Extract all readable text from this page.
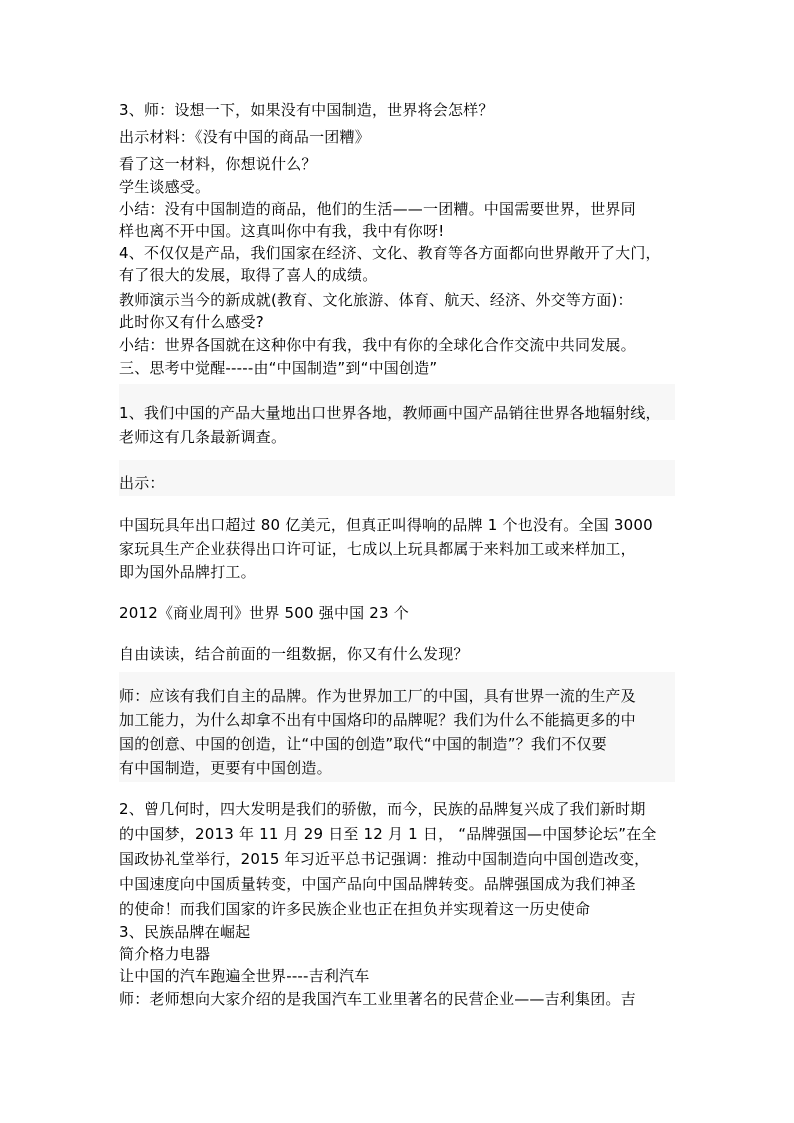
3、师：设想一下，如果没有中国制造，世界将会怎样？
出示材料：《没有中国的商品一团糟》
看了这一材料，你想说什么？
学生谈感受。
小结：没有中国制造的商品，他们的生活——一团糟。中国需要世界，世界同
样也离不开中国。这真叫你中有我，我中有你呀!
4、不仅仅是产品，我们国家在经济、文化、教育等各方面都向世界敞开了大门，
有了很大的发展，取得了喜人的成绩。
教师演示当今的新成就(教育、文化旅游、体育、航天、经济、外交等方面)：
此时你又有什么感受?
小结：世界各国就在这种你中有我，我中有你的全球化合作交流中共同发展。
三、思考中觉醒-----由“中国制造”到“中国创造”
1、我们中国的产品大量地出口世界各地，教师画中国产品销往世界各地辐射线，
老师这有几条最新调查。
出示：
中国玩具年出口超过 80 亿美元，但真正叫得响的品牌 1 个也没有。全国 3000
家玩具生产企业获得出口许可证，七成以上玩具都属于来料加工或来样加工，
即为国外品牌打工。
2012《商业周刊》世界 500 强中国 23 个
自由读读，结合前面的一组数据，你又有什么发现？
师：应该有我们自主的品牌。作为世界加工厂的中国，具有世界一流的生产及
加工能力，为什么却拿不出有中国烙印的品牌呢？我们为什么不能搞更多的中
国的创意、中国的创造，让“中国的创造”取代“中国的制造”？我们不仅要
有中国制造，更要有中国创造。
2、曾几何时，四大发明是我们的骄傲，而今，民族的品牌复兴成了我们新时期
的中国梦，2013 年 11 月 29 日至 12 月 1 日， “品牌强国—中国梦论坛”在全
国政协礼堂举行，2015 年习近平总书记强调：推动中国制造向中国创造改变，
中国速度向中国质量转变，中国产品向中国品牌转变。品牌强国成为我们神圣
的使命！而我们国家的许多民族企业也正在担负并实现着这一历史使命
3、民族品牌在崛起
简介格力电器
让中国的汽车跑遍全世界----吉利汽车
师：老师想向大家介绍的是我国汽车工业里著名的民营企业——吉利集团。吉
